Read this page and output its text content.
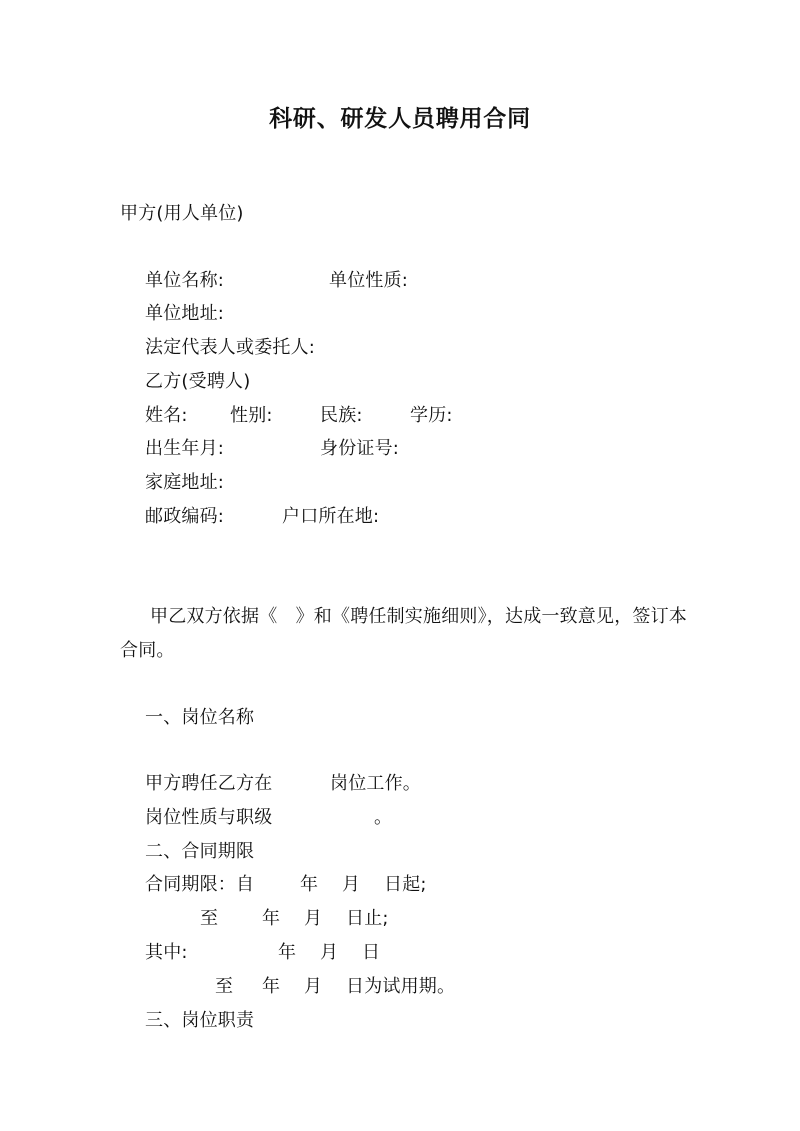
科研、研发人员聘用合同
甲方(用人单位)
单位名称:	单位性质:
单位地址:
法定代表人或委托人:
乙方(受聘人)
姓名: 性别:	民族:	学历:
出生年月:	身份证号:
家庭地址:
邮政编码:	户口所在地:
甲乙双方依据《　》和《聘任制实施细则》，达成一致意见，签订本
合同。
一、岗位名称
甲方聘任乙方在	岗位工作。
岗位性质与职级	。
二、合同期限
合同期限：自	年 月 日起;
至 年 月 日止;
其中:	年 月 日
至 年 月 日为试用期。
三、岗位职责
